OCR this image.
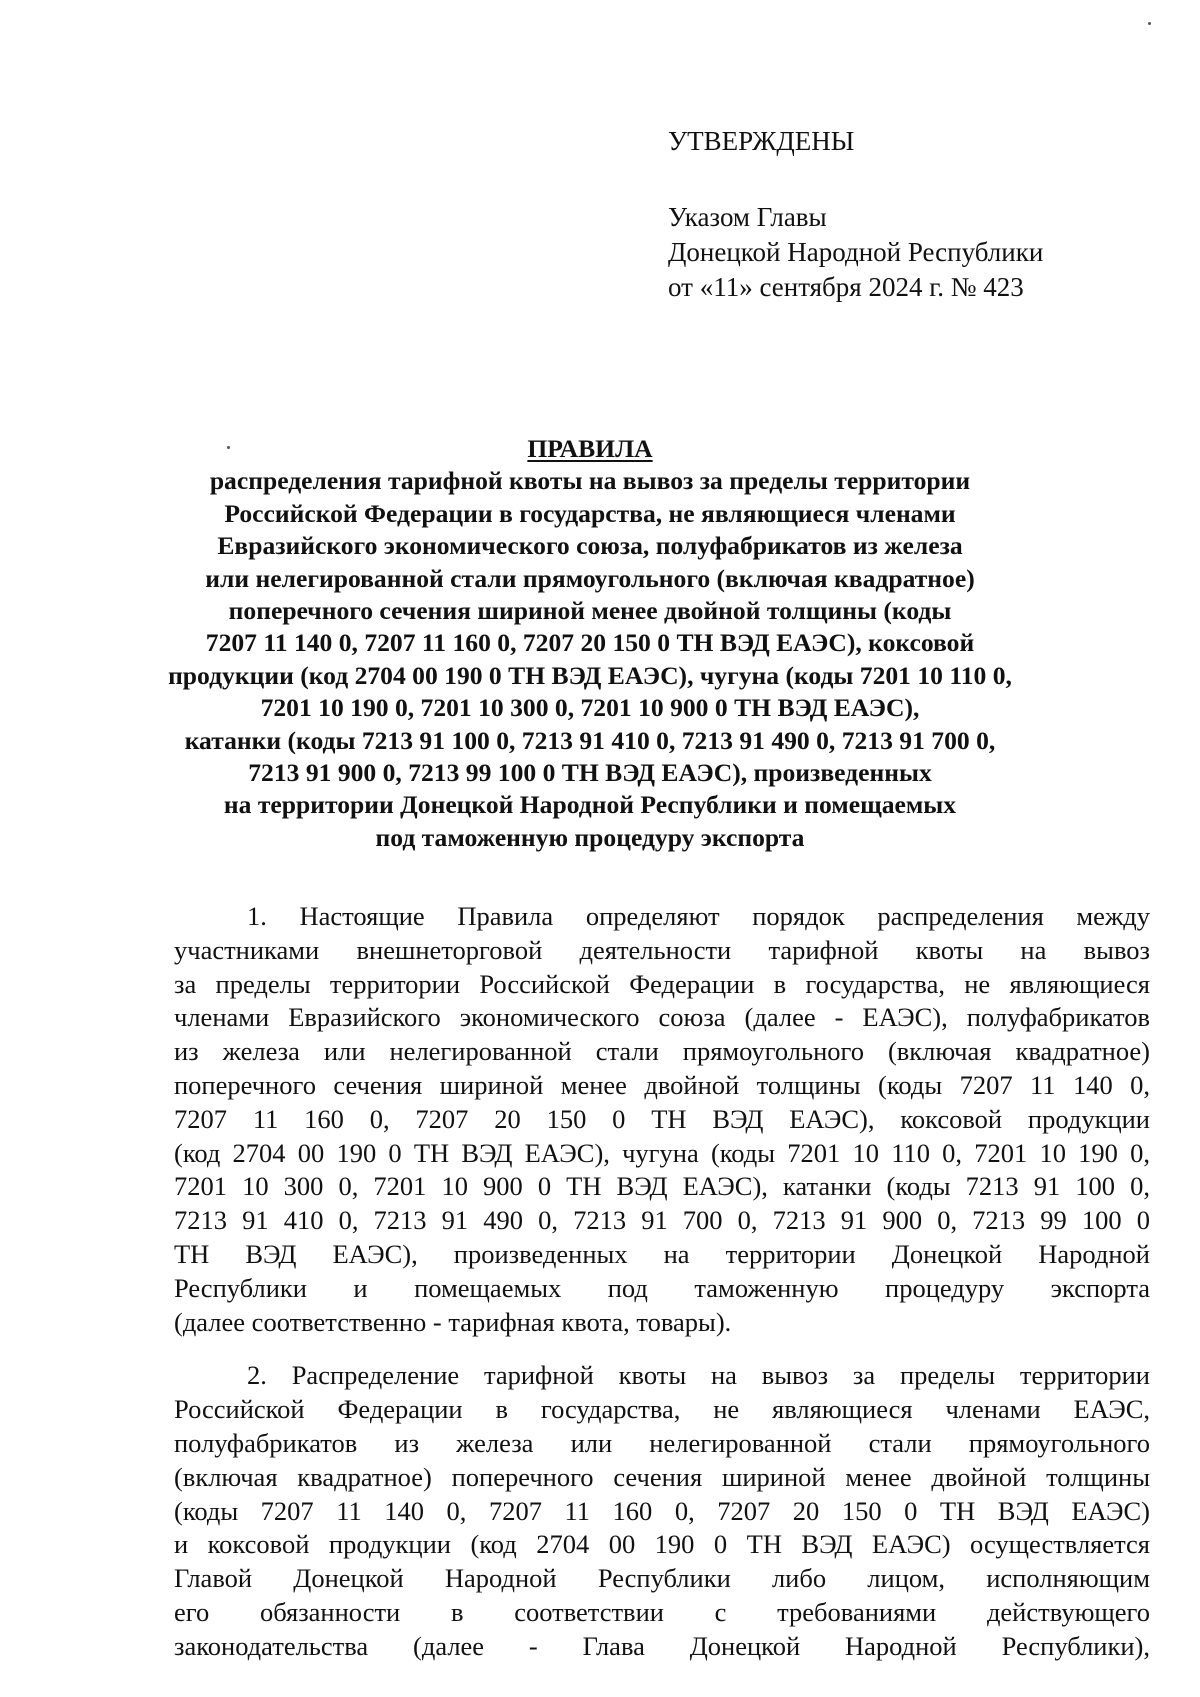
УТВЕРЖДЕНЫ
Указом Главы
Донецкой Народной Республики
от «11» сентября 2024 г. № 423
ПРАВИЛА
распределения тарифной квоты на вывоз за пределы территории
Российской Федерации в государства, не являющиеся членами
Евразийского экономического союза, полуфабрикатов из железа
или нелегированной стали прямоугольного (включая квадратное)
поперечного сечения шириной менее двойной толщины (коды
7207 11 140 0, 7207 11 160 0, 7207 20 150 0 ТН ВЭД ЕАЭС), коксовой
продукции (код 2704 00 190 0 ТН ВЭД ЕАЭС), чугуна (коды 7201 10 110 0,
7201 10 190 0, 7201 10 300 0, 7201 10 900 0 ТН ВЭД ЕАЭС),
катанки (коды 7213 91 100 0, 7213 91 410 0, 7213 91 490 0, 7213 91 700 0,
7213 91 900 0, 7213 99 100 0 ТН ВЭД ЕАЭС), произведенных
на территории Донецкой Народной Республики и помещаемых
под таможенную процедуру экспорта
1. Настоящие Правила определяют порядок распределения между
участниками внешнеторговой деятельности тарифной квоты на вывоз
за пределы территории Российской Федерации в государства, не являющиеся
членами Евразийского экономического союза (далее - ЕАЭС), полуфабрикатов
из железа или нелегированной стали прямоугольного (включая квадратное)
поперечного сечения шириной менее двойной толщины (коды 7207 11 140 0,
7207 11 160 0, 7207 20 150 0 ТН ВЭД ЕАЭС), коксовой продукции
(код 2704 00 190 0 ТН ВЭД ЕАЭС), чугуна (коды 7201 10 110 0, 7201 10 190 0,
7201 10 300 0, 7201 10 900 0 ТН ВЭД ЕАЭС), катанки (коды 7213 91 100 0,
7213 91 410 0, 7213 91 490 0, 7213 91 700 0, 7213 91 900 0, 7213 99 100 0
ТН ВЭД ЕАЭС), произведенных на территории Донецкой Народной
Республики и помещаемых под таможенную процедуру экспорта
(далее соответственно - тарифная квота, товары).
2. Распределение тарифной квоты на вывоз за пределы территории
Российской Федерации в государства, не являющиеся членами ЕАЭС,
полуфабрикатов из железа или нелегированной стали прямоугольного
(включая квадратное) поперечного сечения шириной менее двойной толщины
(коды 7207 11 140 0, 7207 11 160 0, 7207 20 150 0 ТН ВЭД ЕАЭС)
и коксовой продукции (код 2704 00 190 0 ТН ВЭД ЕАЭС) осуществляется
Главой Донецкой Народной Республики либо лицом, исполняющим
его обязанности в соответствии с требованиями действующего
законодательства (далее - Глава Донецкой Народной Республики),
